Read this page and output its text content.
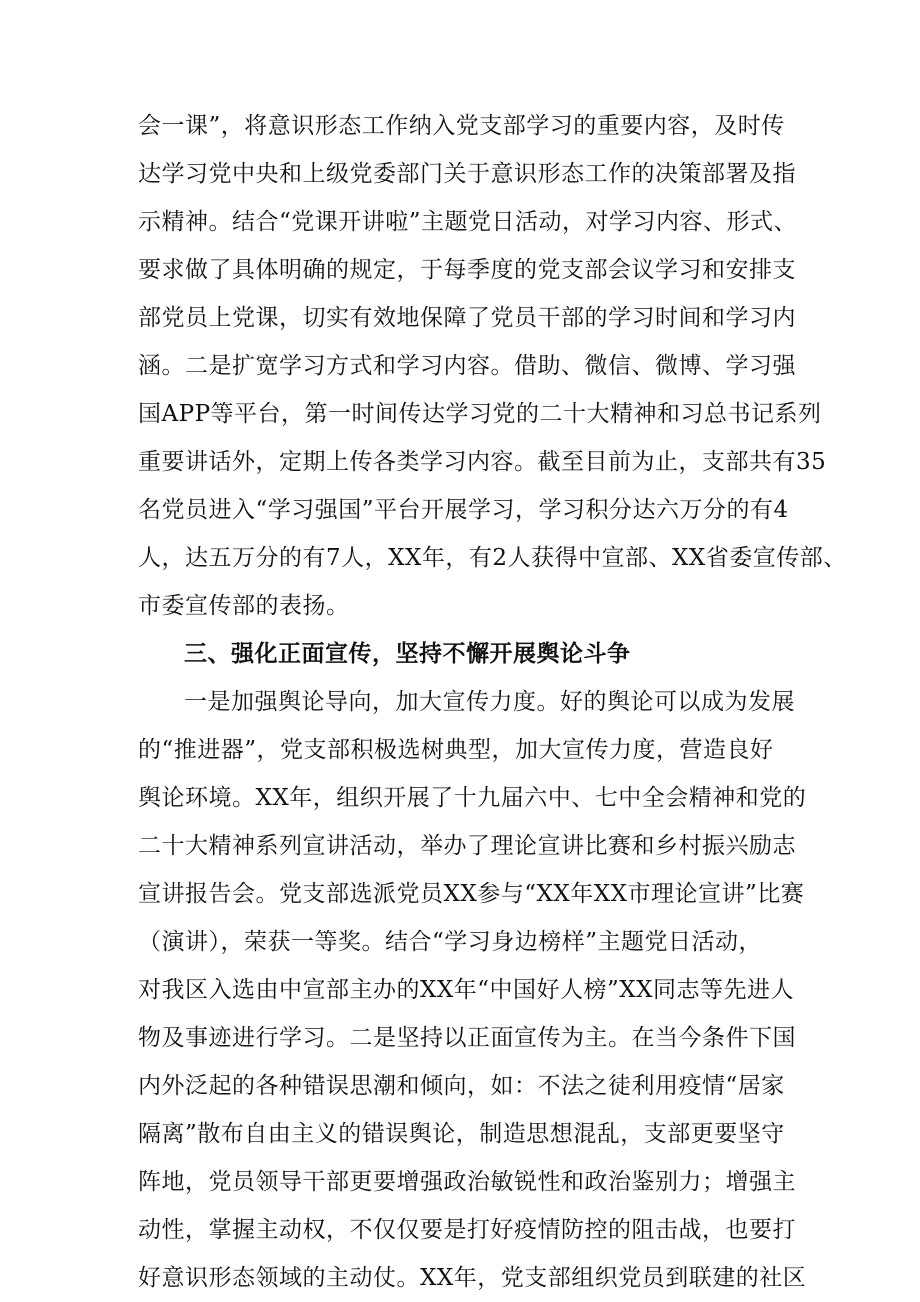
会一课”，将意识形态工作纳入党支部学习的重要内容，及时传
达学习党中央和上级党委部门关于意识形态工作的决策部署及指
示精神。结合“党课开讲啦”主题党日活动，对学习内容、形式、
要求做了具体明确的规定，于每季度的党支部会议学习和安排支
部党员上党课，切实有效地保障了党员干部的学习时间和学习内
涵。二是扩宽学习方式和学习内容。借助、微信、微博、学习强
国APP等平台，第一时间传达学习党的二十大精神和习总书记系列
重要讲话外，定期上传各类学习内容。截至目前为止，支部共有35
名党员进入“学习强国”平台开展学习，学习积分达六万分的有4
人，达五万分的有7人，XX年，有2人获得中宣部、XX省委宣传部、
市委宣传部的表扬。

三、强化正面宣传，坚持不懈开展舆论斗争

一是加强舆论导向，加大宣传力度。好的舆论可以成为发展
的“推进器”，党支部积极选树典型，加大宣传力度，营造良好
舆论环境。XX年，组织开展了十九届六中、七中全会精神和党的
二十大精神系列宣讲活动，举办了理论宣讲比赛和乡村振兴励志
宣讲报告会。党支部选派党员XX参与“XX年XX市理论宣讲”比赛
（演讲），荣获一等奖。结合“学习身边榜样”主题党日活动，
对我区入选由中宣部主办的XX年“中国好人榜”XX同志等先进人
物及事迹进行学习。二是坚持以正面宣传为主。在当今条件下国
内外泛起的各种错误思潮和倾向，如：不法之徒利用疫情“居家
隔离”散布自由主义的错误舆论，制造思想混乱，支部更要坚守
阵地，党员领导干部更要增强政治敏锐性和政治鉴别力；增强主
动性，掌握主动权，不仅仅要是打好疫情防控的阻击战，也要打
好意识形态领域的主动仗。XX年，党支部组织党员到联建的社区
